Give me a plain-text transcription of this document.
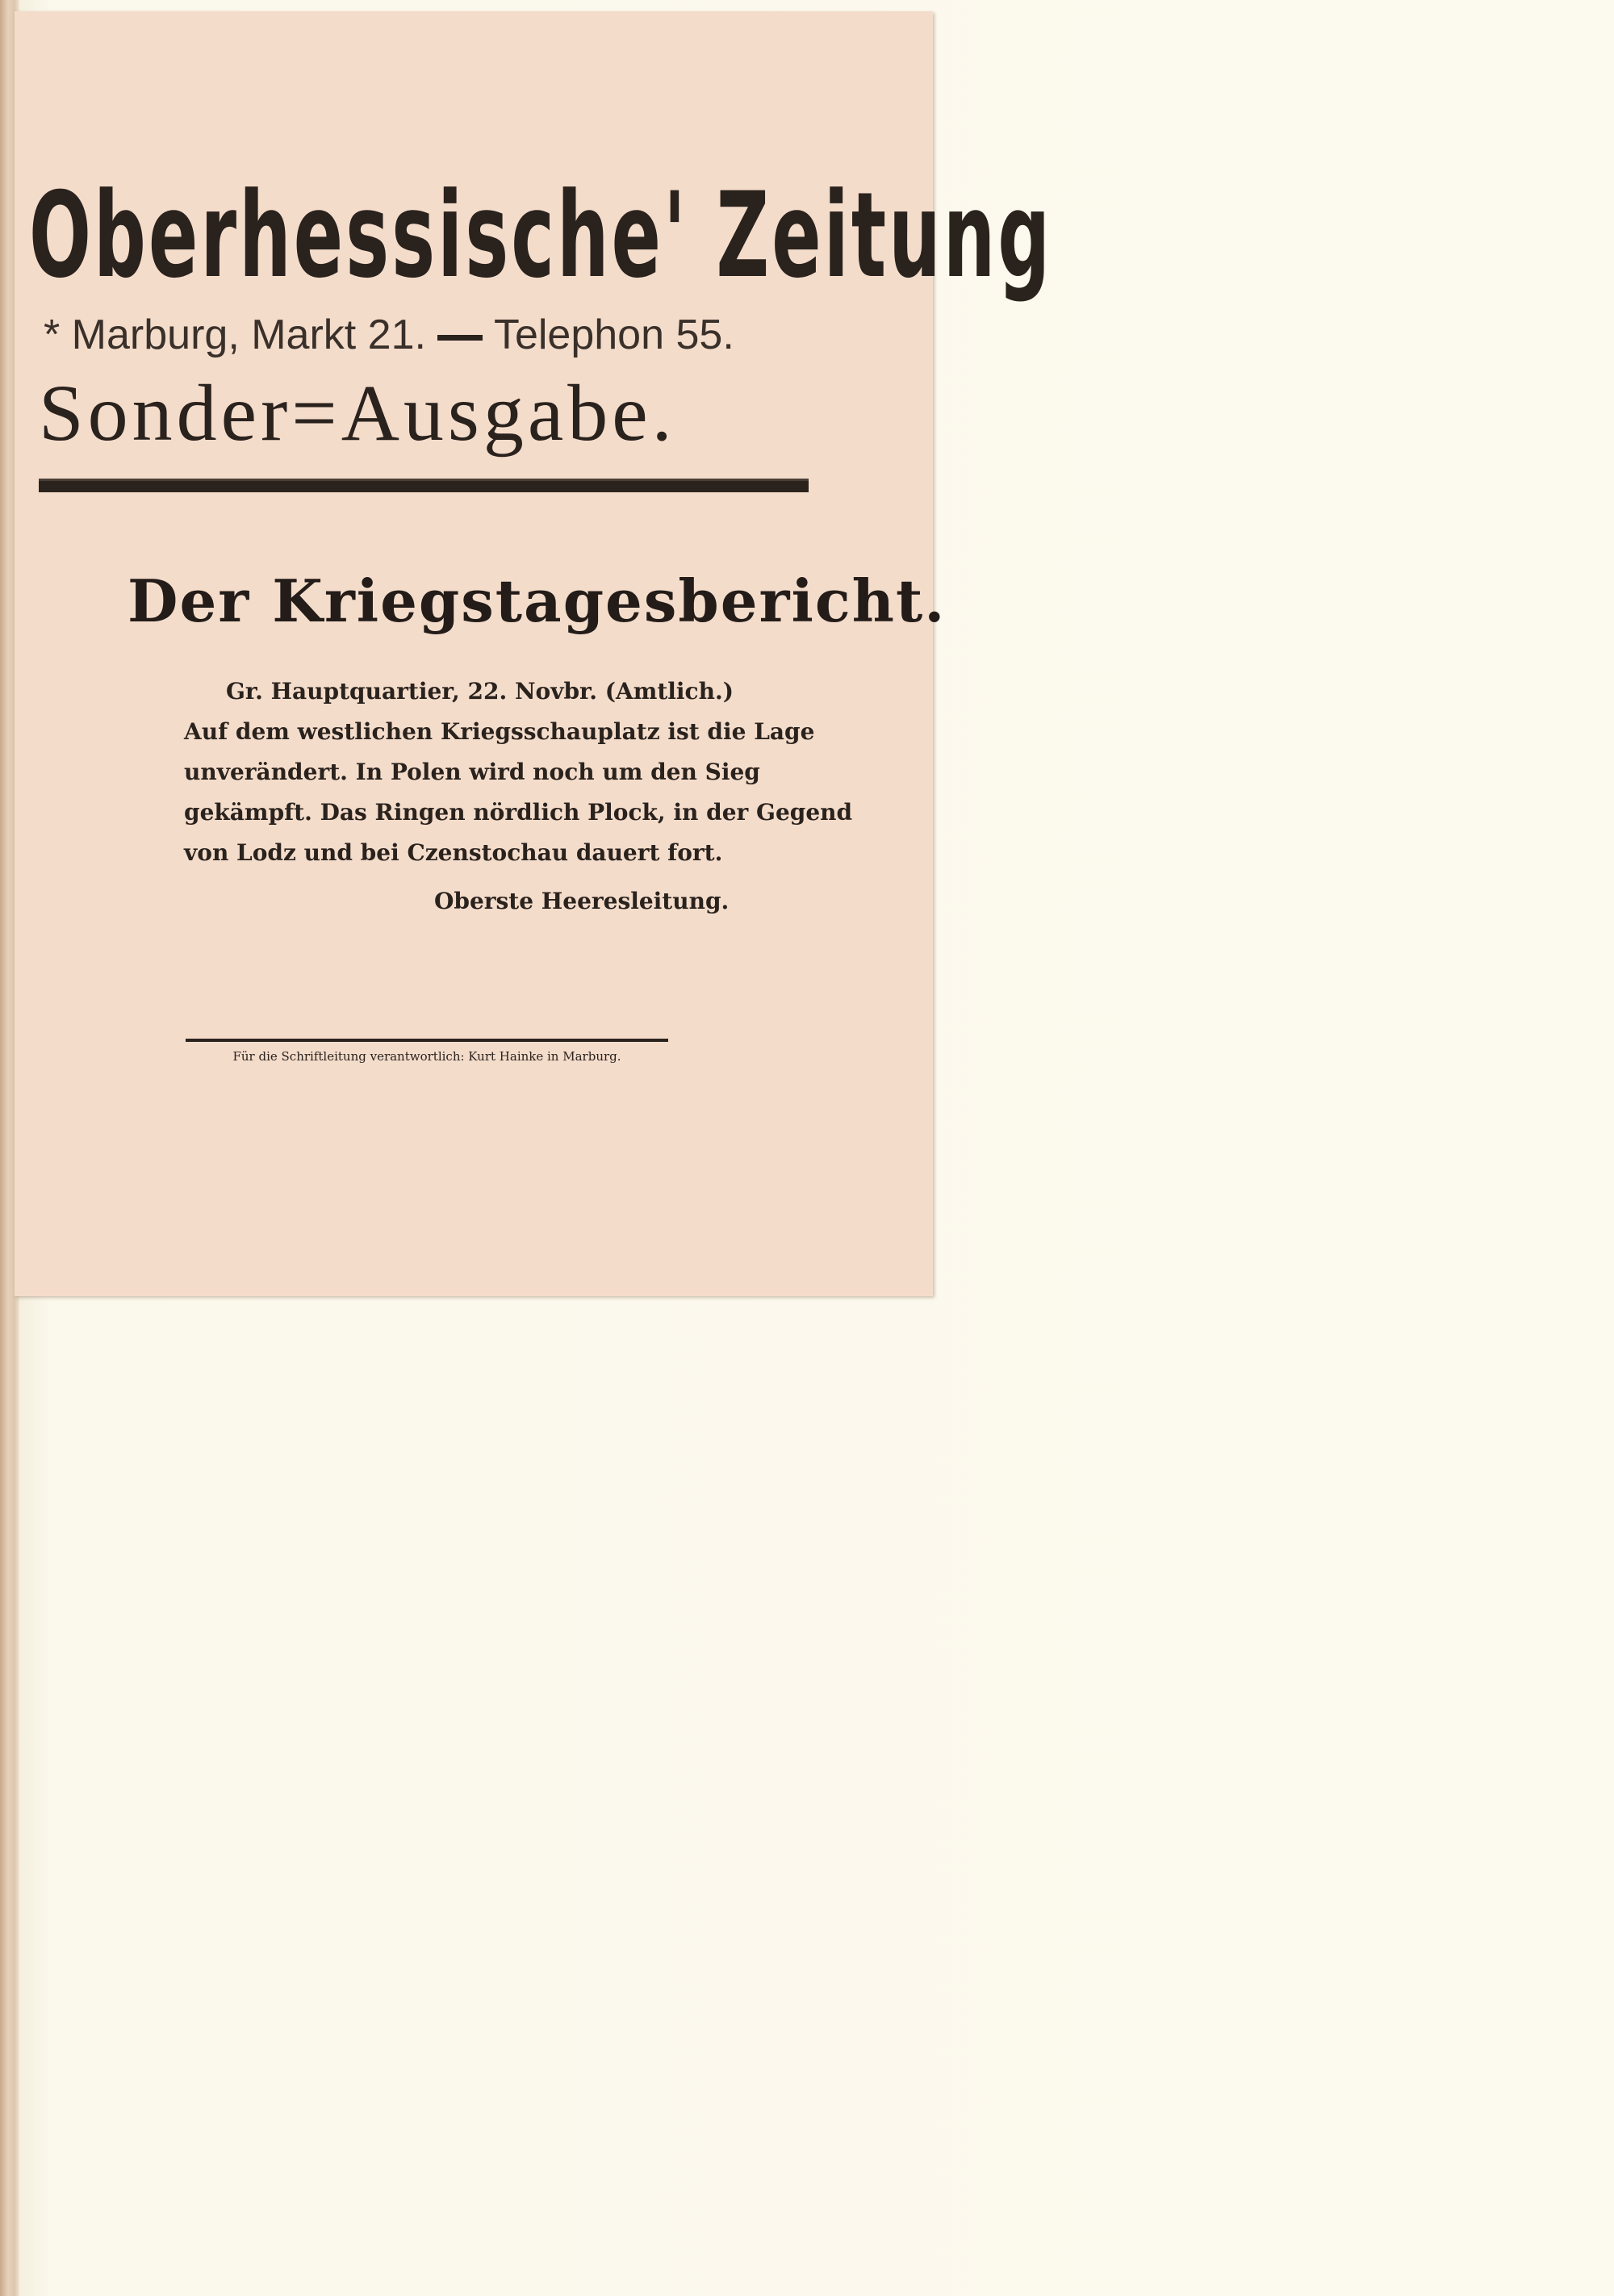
Oberhessische' Zeitung
* Marburg, Markt 21. Telephon 55.
Sonder=Ausgabe.
Der Kriegstagesbericht.
Gr. Hauptquartier, 22. Novbr. (Amtlich.)
Auf dem westlichen Kriegsschauplatz ist die Lage
unverändert. In Polen wird noch um den Sieg
gekämpft. Das Ringen nördlich Plock, in der Gegend
von Lodz und bei Czenstochau dauert fort.
Oberste Heeresleitung.
Für die Schriftleitung verantwortlich: Kurt Hainke in Marburg.
